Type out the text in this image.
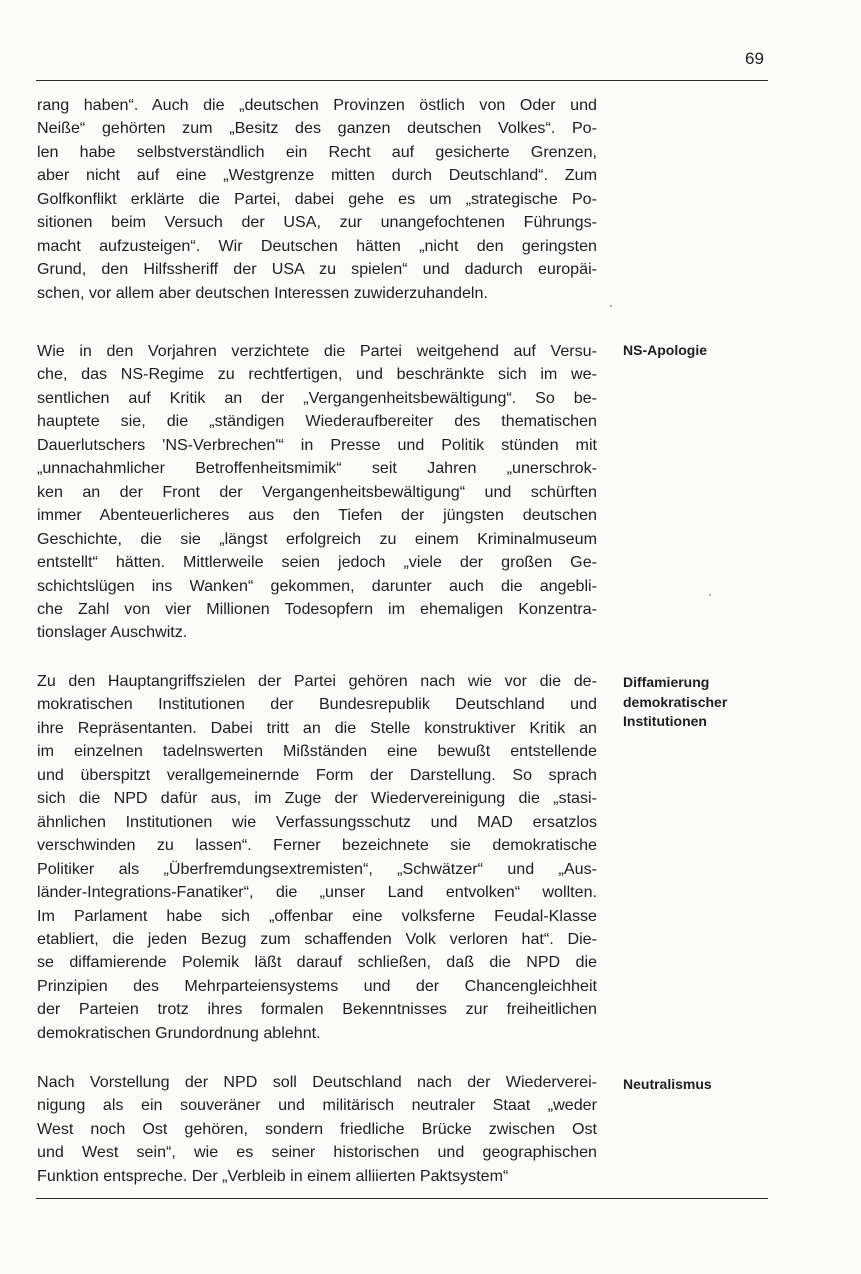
69
rang haben“. Auch die „deutschen Provinzen östlich von Oder und
Neiße“ gehörten zum „Besitz des ganzen deutschen Volkes“. Po-
len habe selbstverständlich ein Recht auf gesicherte Grenzen,
aber nicht auf eine „Westgrenze mitten durch Deutschland“. Zum
Golfkonflikt erklärte die Partei, dabei gehe es um „strategische Po-
sitionen beim Versuch der USA, zur unangefochtenen Führungs-
macht aufzusteigen“. Wir Deutschen hätten „nicht den geringsten
Grund, den Hilfssheriff der USA zu spielen“ und dadurch europäi-
schen, vor allem aber deutschen Interessen zuwiderzuhandeln.
Wie in den Vorjahren verzichtete die Partei weitgehend auf Versu-
che, das NS-Regime zu rechtfertigen, und beschränkte sich im we-
sentlichen auf Kritik an der „Vergangenheitsbewältigung“. So be-
hauptete sie, die „ständigen Wiederaufbereiter des thematischen
Dauerlutschers 'NS-Verbrechen'“ in Presse und Politik stünden mit
„unnachahmlicher Betroffenheitsmimik“ seit Jahren „unerschrok-
ken an der Front der Vergangenheitsbewältigung“ und schürften
immer Abenteuerlicheres aus den Tiefen der jüngsten deutschen
Geschichte, die sie „längst erfolgreich zu einem Kriminalmuseum
entstellt“ hätten. Mittlerweile seien jedoch „viele der großen Ge-
schichtslügen ins Wanken“ gekommen, darunter auch die angebli-
che Zahl von vier Millionen Todesopfern im ehemaligen Konzentra-
tionslager Auschwitz.
NS-Apologie
Zu den Hauptangriffszielen der Partei gehören nach wie vor die de-
mokratischen Institutionen der Bundesrepublik Deutschland und
ihre Repräsentanten. Dabei tritt an die Stelle konstruktiver Kritik an
im einzelnen tadelnswerten Mißständen eine bewußt entstellende
und überspitzt verallgemeinernde Form der Darstellung. So sprach
sich die NPD dafür aus, im Zuge der Wiedervereinigung die „stasi-
ähnlichen Institutionen wie Verfassungsschutz und MAD ersatzlos
verschwinden zu lassen“. Ferner bezeichnete sie demokratische
Politiker als „Überfremdungsextremisten“, „Schwätzer“ und „Aus-
länder-Integrations-Fanatiker“, die „unser Land entvolken“ wollten.
Im Parlament habe sich „offenbar eine volksferne Feudal-Klasse
etabliert, die jeden Bezug zum schaffenden Volk verloren hat“. Die-
se diffamierende Polemik läßt darauf schließen, daß die NPD die
Prinzipien des Mehrparteiensystems und der Chancengleichheit
der Parteien trotz ihres formalen Bekenntnisses zur freiheitlichen
demokratischen Grundordnung ablehnt.
Diffamierung
demokratischer
Institutionen
Nach Vorstellung der NPD soll Deutschland nach der Wiederverei-
nigung als ein souveräner und militärisch neutraler Staat „weder
West noch Ost gehören, sondern friedliche Brücke zwischen Ost
und West sein“, wie es seiner historischen und geographischen
Funktion entspreche. Der „Verbleib in einem alliierten Paktsystem“
Neutralismus
